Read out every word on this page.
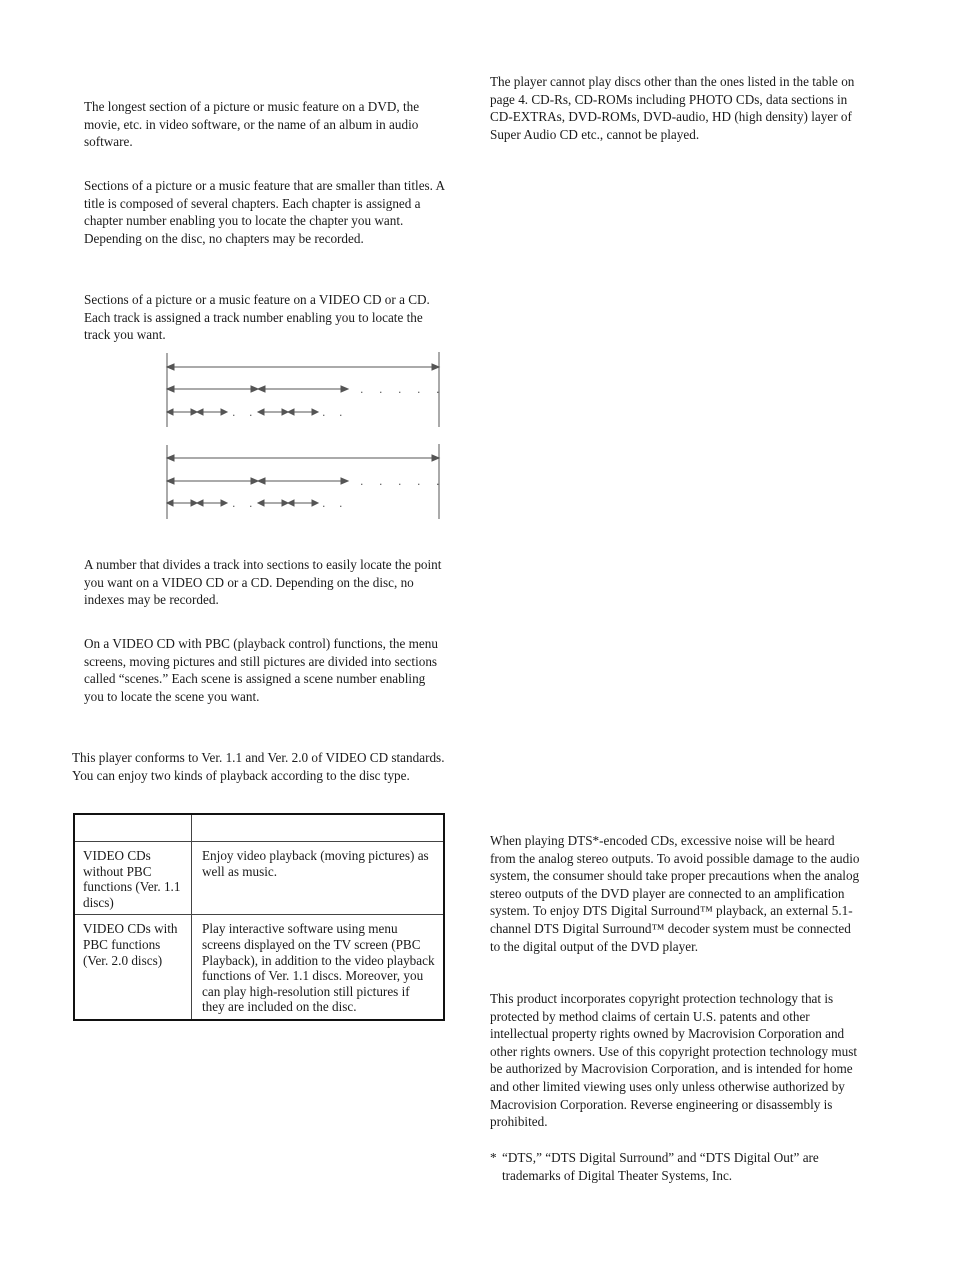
The longest section of a picture or music feature on a DVD, the movie, etc. in video software, or the name of an album in audio software.

Sections of a picture or a music feature that are smaller than titles. A title is composed of several chapters. Each chapter is assigned a chapter number enabling you to locate the chapter you want. Depending on the disc, no chapters may be recorded.

Sections of a picture or a music feature on a VIDEO CD or a CD. Each track is assigned a track number enabling you to locate the track you want.

. . . . .
. .	. .
. . . . .
. .	. .

A number that divides a track into sections to easily locate the point you want on a VIDEO CD or a CD. Depending on the disc, no indexes may be recorded.

On a VIDEO CD with PBC (playback control) functions, the menu screens, moving pictures and still pictures are divided into sections called “scenes.” Each scene is assigned a scene number enabling you to locate the scene you want.

This player conforms to Ver. 1.1 and Ver. 2.0 of VIDEO CD standards. You can enjoy two kinds of playback according to the disc type.

VIDEO CDs without PBC functions (Ver. 1.1 discs)	Enjoy video playback (moving pictures) as well as music.
VIDEO CDs with PBC functions (Ver. 2.0 discs)	Play interactive software using menu screens displayed on the TV screen (PBC Playback), in addition to the video playback functions of Ver. 1.1 discs. Moreover, you can play high-resolution still pictures if they are included on the disc.

The player cannot play discs other than the ones listed in the table on page 4. CD-Rs, CD-ROMs including PHOTO CDs, data sections in CD-EXTRAs, DVD-ROMs, DVD-audio, HD (high density) layer of Super Audio CD etc., cannot be played.

When playing DTS*-encoded CDs, excessive noise will be heard from the analog stereo outputs. To avoid possible damage to the audio system, the consumer should take proper precautions when the analog stereo outputs of the DVD player are connected to an amplification system. To enjoy DTS Digital Surround™ playback, an external 5.1-channel DTS Digital Surround™ decoder system must be connected to the digital output of the DVD player.

This product incorporates copyright protection technology that is protected by method claims of certain U.S. patents and other intellectual property rights owned by Macrovision Corporation and other rights owners. Use of this copyright protection technology must be authorized by Macrovision Corporation, and is intended for home and other limited viewing uses only unless otherwise authorized by Macrovision Corporation. Reverse engineering or disassembly is prohibited.

* “DTS,” “DTS Digital Surround” and “DTS Digital Out” are trademarks of Digital Theater Systems, Inc.
